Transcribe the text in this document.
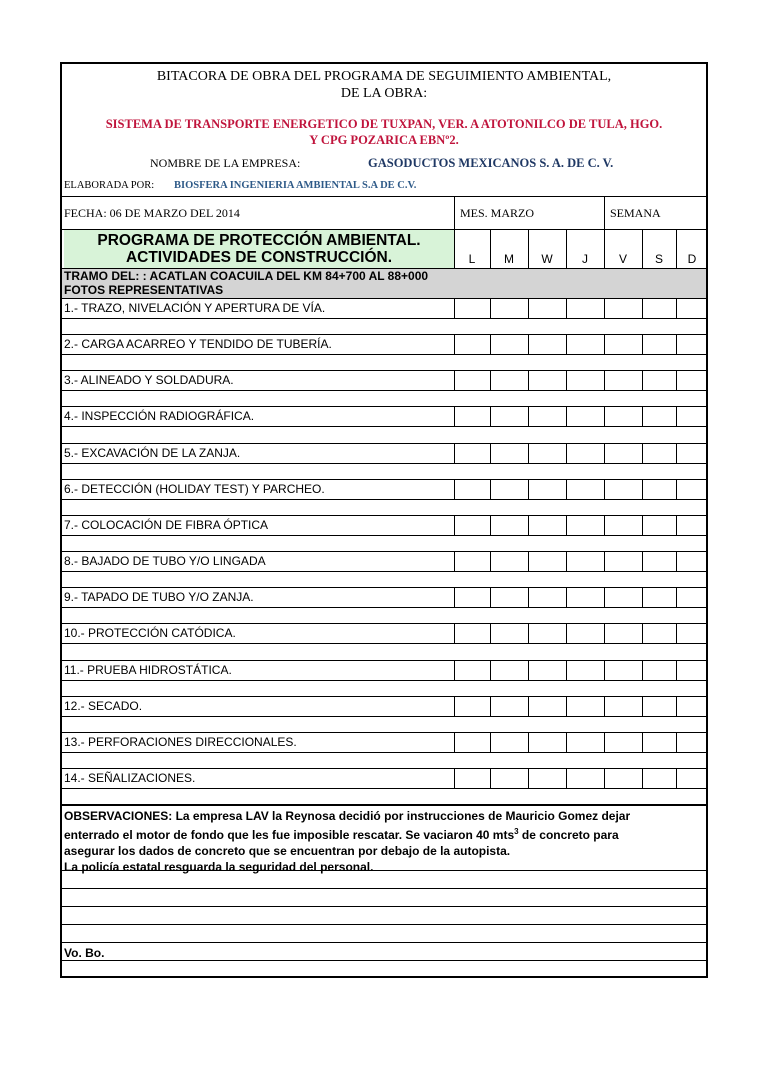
BITACORA DE OBRA DEL PROGRAMA DE SEGUIMIENTO AMBIENTAL,
DE LA OBRA:
SISTEMA DE TRANSPORTE ENERGETICO DE TUXPAN, VER. A ATOTONILCO DE TULA, HGO.
Y CPG POZARICA EBNº2.
NOMBRE DE LA EMPRESA:	GASODUCTOS MEXICANOS S. A. DE C. V.
ELABORADA POR: BIOSFERA INGENIERIA AMBIENTAL S.A DE C.V.
FECHA: 06 DE MARZO DEL 2014	MES. MARZO	SEMANA
PROGRAMA DE PROTECCIÓN AMBIENTAL.
ACTIVIDADES DE CONSTRUCCIÓN.	L	M	W	J	V	S	D
TRAMO DEL: : ACATLAN COACUILA DEL KM 84+700 AL 88+000
FOTOS REPRESENTATIVAS
1.- TRAZO, NIVELACIÓN Y APERTURA DE VÍA.
2.- CARGA ACARREO Y TENDIDO DE TUBERÍA.
3.- ALINEADO Y SOLDADURA.
4.- INSPECCIÓN RADIOGRÁFICA.
5.- EXCAVACIÓN DE LA ZANJA.
6.- DETECCIÓN (HOLIDAY TEST) Y PARCHEO.
7.- COLOCACIÓN DE FIBRA ÓPTICA
8.- BAJADO DE TUBO Y/O LINGADA
9.- TAPADO DE TUBO Y/O ZANJA.
10.- PROTECCIÓN CATÓDICA.
11.- PRUEBA HIDROSTÁTICA.
12.- SECADO.
13.- PERFORACIONES DIRECCIONALES.
14.- SEÑALIZACIONES.
OBSERVACIONES: La empresa LAV la Reynosa decidió por instrucciones de Mauricio Gomez dejar
enterrado el motor de fondo que les fue imposible rescatar. Se vaciaron 40 mts$^3$ de concreto para
asegurar los dados de concreto que se encuentran por debajo de la autopista.
La policía estatal resguarda la seguridad del personal.
Vo. Bo.
